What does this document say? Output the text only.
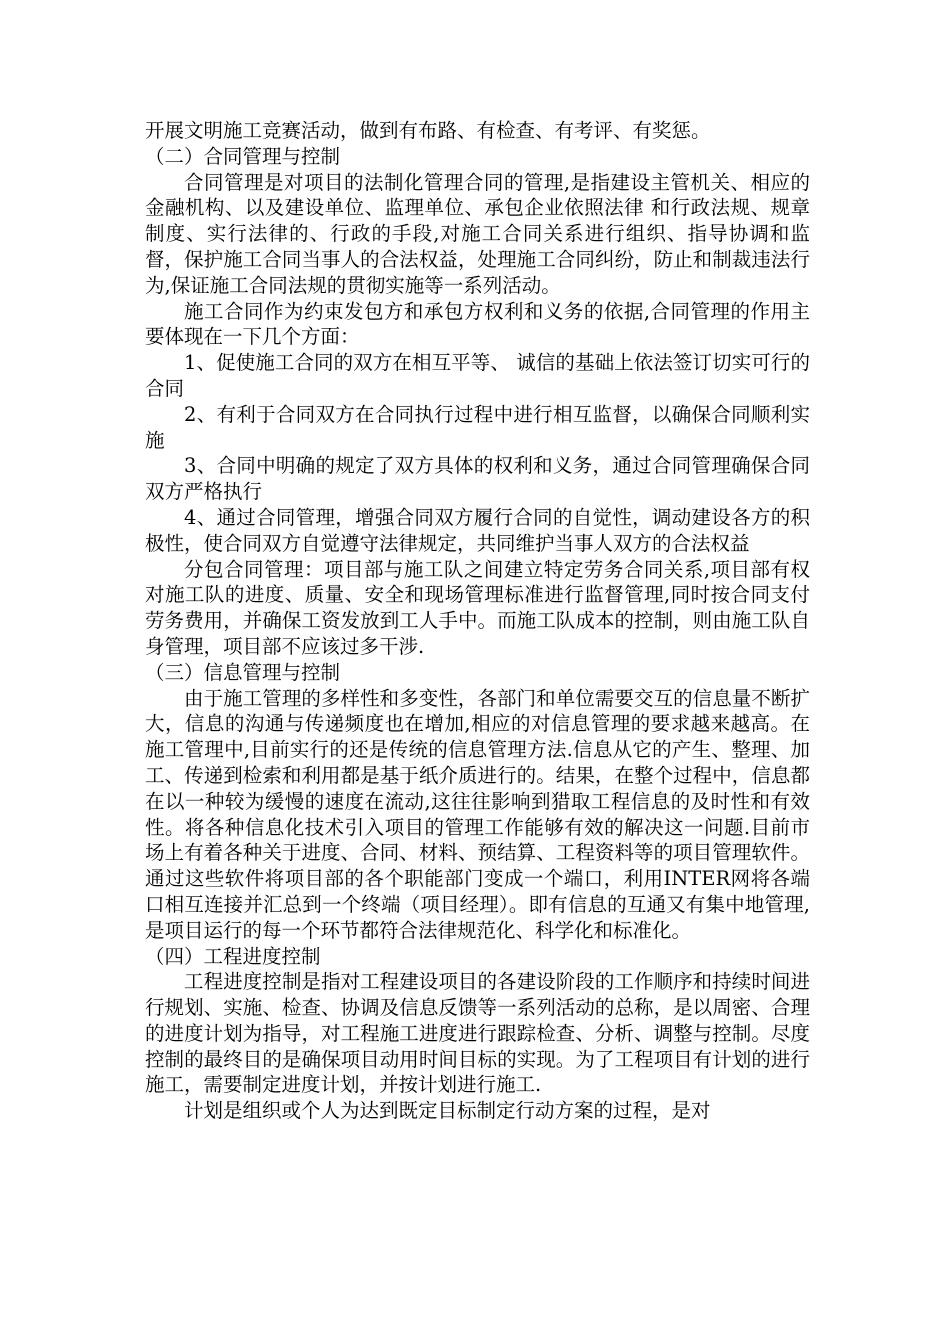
开展文明施工竞赛活动，做到有布路、有检查、有考评、有奖惩。

（二）合同管理与控制

合同管理是对项目的法制化管理合同的管理,是指建设主管机关、相应的金融机构、以及建设单位、监理单位、承包企业依照法律 和行政法规、规章制度、实行法律的、行政的手段,对施工合同关系进行组织、指导协调和监督，保护施工合同当事人的合法权益，处理施工合同纠纷，防止和制裁违法行为,保证施工合同法规的贯彻实施等一系列活动。

施工合同作为约束发包方和承包方权利和义务的依据,合同管理的作用主要体现在一下几个方面：

1、促使施工合同的双方在相互平等、 诚信的基础上依法签订切实可行的合同

2、有利于合同双方在合同执行过程中进行相互监督，以确保合同顺利实施

3、合同中明确的规定了双方具体的权利和义务，通过合同管理确保合同双方严格执行

4、通过合同管理，增强合同双方履行合同的自觉性，调动建设各方的积极性，使合同双方自觉遵守法律规定，共同维护当事人双方的合法权益

分包合同管理：项目部与施工队之间建立特定劳务合同关系,项目部有权对施工队的进度、质量、安全和现场管理标准进行监督管理,同时按合同支付劳务费用，并确保工资发放到工人手中。而施工队成本的控制，则由施工队自身管理，项目部不应该过多干涉.

（三）信息管理与控制

由于施工管理的多样性和多变性，各部门和单位需要交互的信息量不断扩大，信息的沟通与传递频度也在增加,相应的对信息管理的要求越来越高。在施工管理中,目前实行的还是传统的信息管理方法.信息从它的产生、整理、加工、传递到检索和利用都是基于纸介质进行的。结果，在整个过程中，信息都在以一种较为缓慢的速度在流动,这往往影响到猎取工程信息的及时性和有效性。将各种信息化技术引入项目的管理工作能够有效的解决这一问题.目前市场上有着各种关于进度、合同、材料、预结算、工程资料等的项目管理软件。通过这些软件将项目部的各个职能部门变成一个端口，利用INTER网将各端口相互连接并汇总到一个终端（项目经理）。即有信息的互通又有集中地管理,是项目运行的每一个环节都符合法律规范化、科学化和标准化。

（四）工程进度控制

工程进度控制是指对工程建设项目的各建设阶段的工作顺序和持续时间进行规划、实施、检查、协调及信息反馈等一系列活动的总称，是以周密、合理的进度计划为指导，对工程施工进度进行跟踪检查、分析、调整与控制。尽度控制的最终目的是确保项目动用时间目标的实现。为了工程项目有计划的进行施工，需要制定进度计划，并按计划进行施工.

计划是组织或个人为达到既定目标制定行动方案的过程，是对
